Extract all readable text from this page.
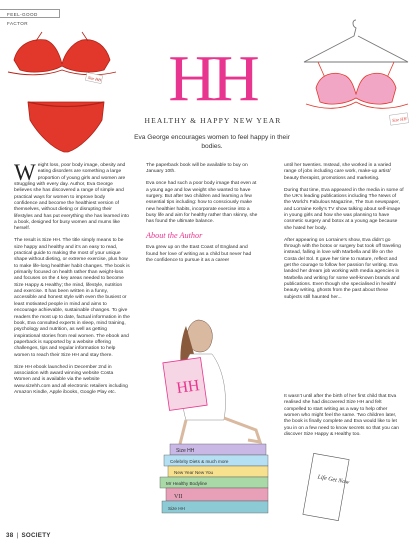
FEEL-GOOD FACTOR
Size HH
Size HH
HH
HEALTHY & HAPPY NEW YEAR
Eva George encourages women to feel happy in their bodies.

Weight loss, poor body image, obesity and eating disorders are something a large proportion of young girls and women are struggling with every day. Author, Eva George believes she has discovered a range of simple and practical ways for women to improve body confidence and become the healthiest version of themselves, without dieting or disrupting their lifestyles and has put everything she has learned into a book, designed for busy women and mums like herself.

The result is Size HH. The title simply means to be size happy and healthy and it’s an easy to read, practical guide to making the most of your unique shape without dieting, or extreme exercise, plus how to make life-long healthier habit changes. The book is primarily focused on health rather than weight-loss and focuses on the 4 key areas needed to become Size Happy & Healthy; the mind, lifestyle, nutrition and exercise. It has been written in a funny, accessible and honest style with even the busiest or least motivated people in mind and aims to encourage achievable, sustainable changes. To give readers the most up to date, factual information in the book, Eva consulted experts in sleep, mind training, psychology and nutrition, as well as getting inspirational stories from real women. The ebook and paperback is supported by a website offering challenges, tips and regular information to help women to reach their Size HH and stay there.

Size HH ebook launched in December 2nd in association with award winning website Costa Women and is available via the website www.sizehh.com and all electronic retailers including Amazon Kindle, Apple ibooks, Google Play etc.

The paperback book will be available to buy on January 10th.

Eva once had such a poor body image that even at a young age and low weight she wanted to have surgery. But after two children and learning a few essential tips including: how to consciously make new healthier habits, incorporate exercise into a busy life and aim for healthy rather than skinny, she has found the ultimate balance.

About the Author

Eva grew up on the East Coast of England and found her love of writing as a child but never had the confidence to pursue it as a career

until her twenties. Instead, she worked in a varied range of jobs including care work, make-up artist/ beauty therapist, promotions and marketing.

During that time, Eva appeared in the media in some of the UK’s leading publications including The News of the World’s Fabulous Magazine, The Sun newspaper, and Lorraine Kelly’s TV show talking about self-image in young girls and how she was planning to have cosmetic surgery and botox at a young age because she hated her body.

After appearing on Lorraine’s show, Eva didn’t go through with the botox or surgery but took off traveling instead, falling in love with Marbella and life on the Costa del Sol. It gave her time to mature, reflect and get the courage to follow her passion for writing. Eva landed her dream job working with media agencies in Marbella and writing for some well-known brands and publications. Even though she specialised in health/ beauty writing, ghosts from the past about these subjects still haunted her...

It wasn’t until after the birth of her first child that Eva realised she had discovered Size HH and felt compelled to start writing as a way to help other women who might feel the same. Two children later, the book is finally complete and Eva would like to let you in on a few need to know secrets so that you can discover Size Happy & Healthy too.

HH
Size HH
Celebrity Diets & much more
New Year New You
Mr Healthy Bodyline
VII
Size HH
Life Get Now
38 | SOCIETY
